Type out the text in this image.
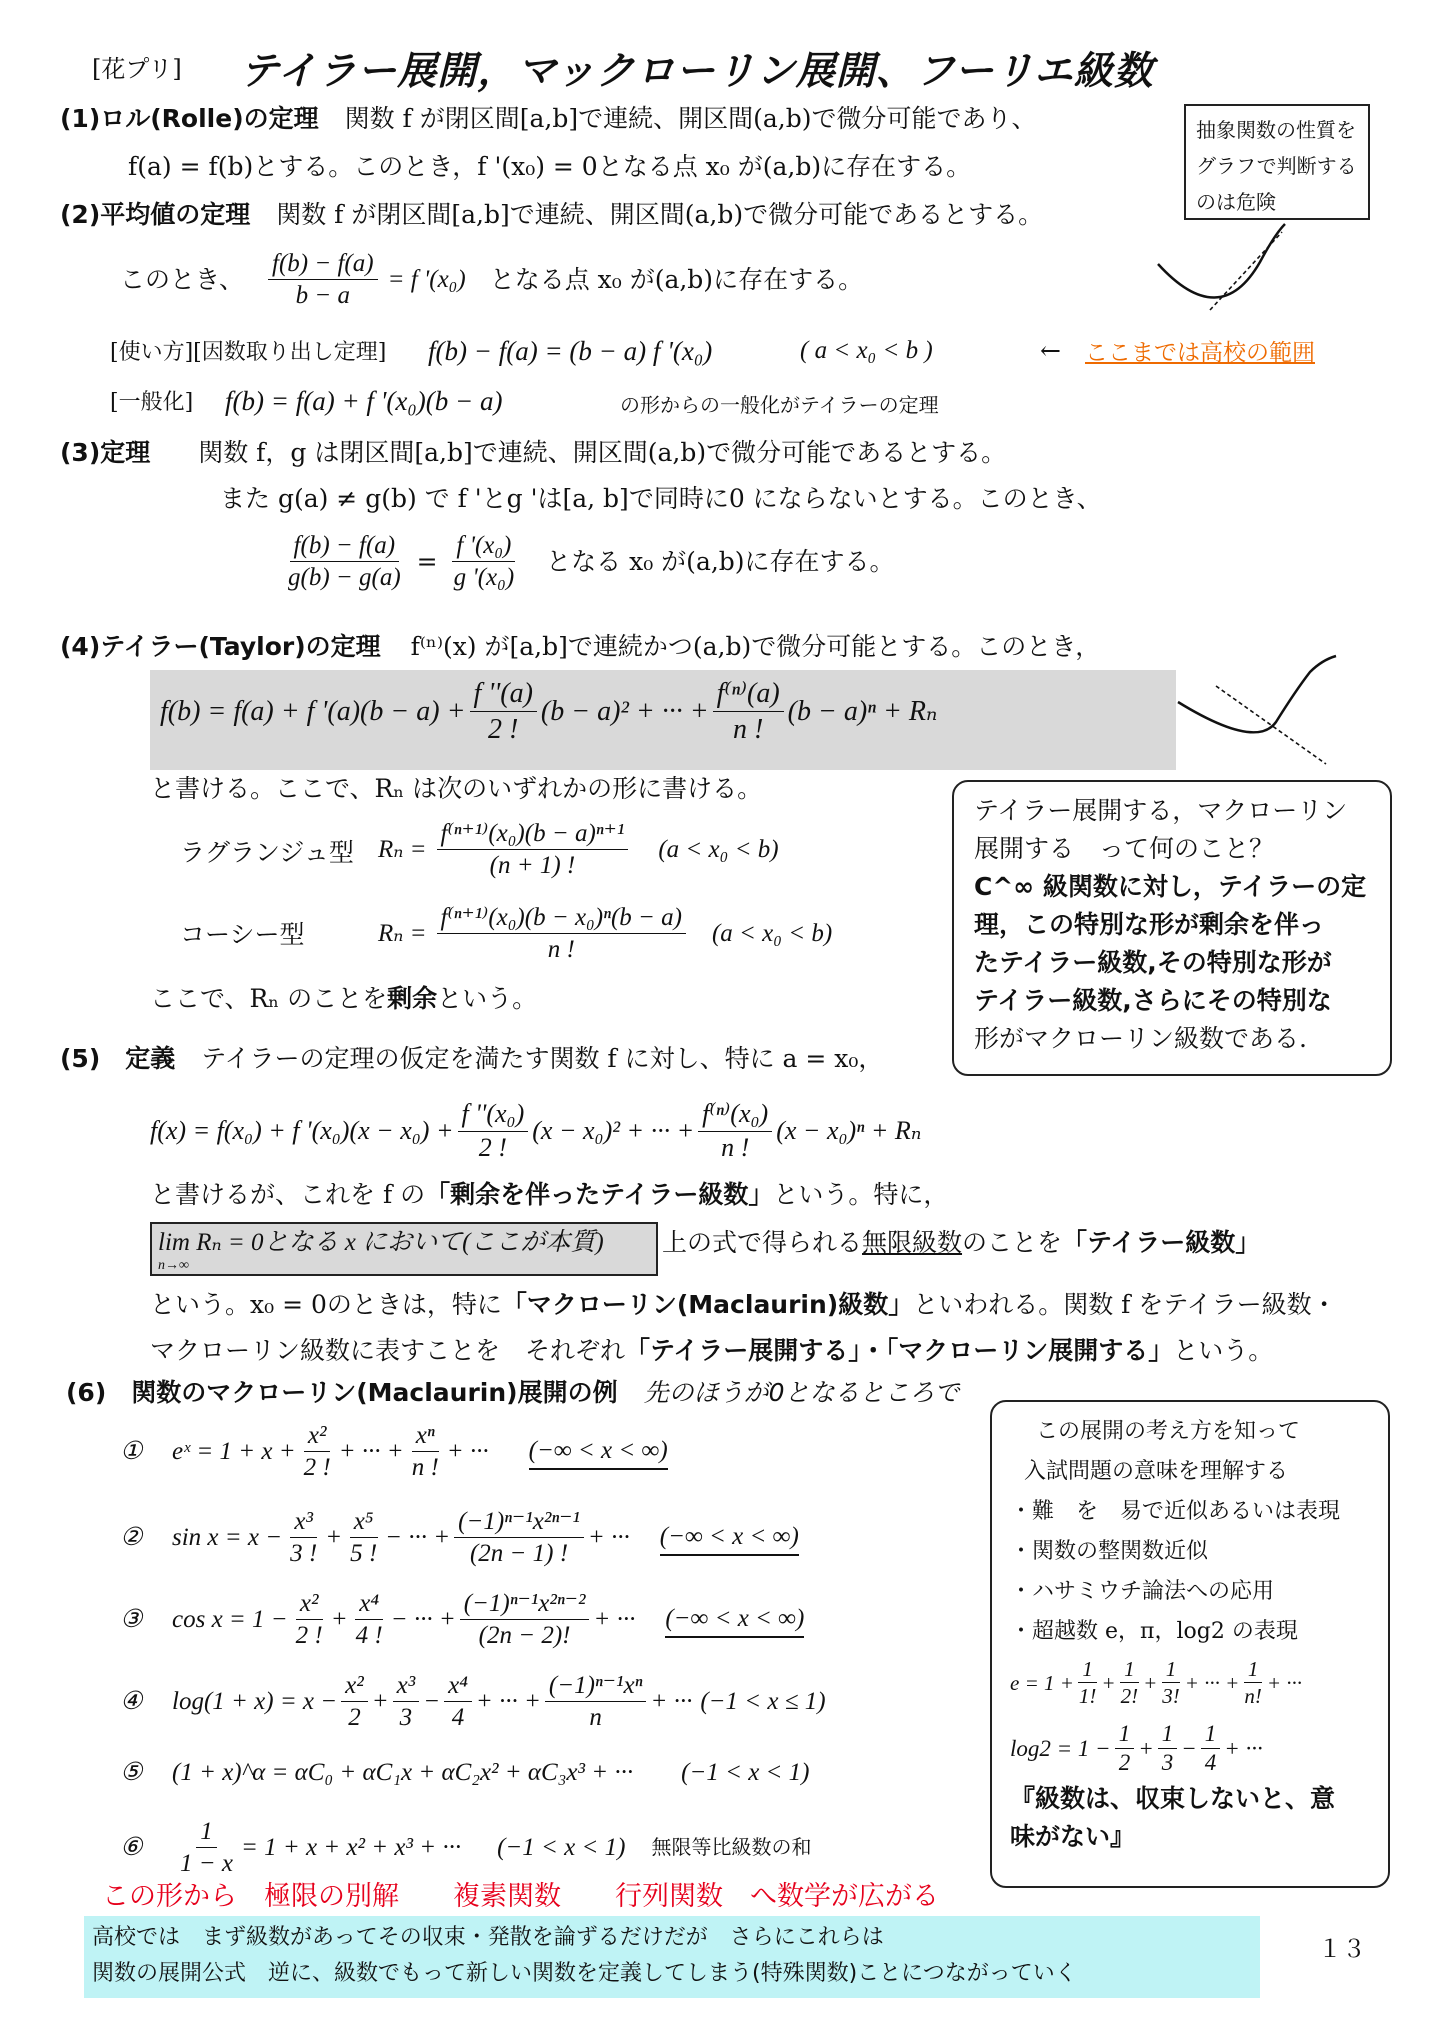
[花プリ] テイラー展開，マックローリン展開、フーリエ級数
(1)ロル(Rolle)の定理 関数 f が閉区間[a,b]で連続、開区間(a,b)で微分可能であり、
f(a) = f(b)とする。このとき，f '(x₀) = 0となる点 x₀ が(a,b)に存在する。
抽象関数の性質をグラフで判断するのは危険
(2)平均値の定理 関数 f が閉区間[a,b]で連続、開区間(a,b)で微分可能であるとする。
このとき、 $\frac{f(b) - f(a)}{b - a} = f$ '(x₀) となる点 x₀ が(a,b)に存在する。
[使い方][因数取り出し定理] f(b) − f(a) = (b − a) f '(x₀)	( a < x₀ < b )	← ここまでは高校の範囲
[一般化] f(b) = f(a) + f '(x₀)(b − a)	の形からの一般化がテイラーの定理
(3)定理 関数 f，g は閉区間[a,b]で連続、開区間(a,b)で微分可能であるとする。
また g(a) ≠ g(b) で f 'とg 'は[a, b]で同時に0 にならないとする。このとき、
$\frac{f(b) - f(a)}{g(b) - g(a)} = \frac{\text{f '(x₀)}}{\text{g '(x₀)}}$ となる x₀ が(a,b)に存在する。
(4)テイラー(Taylor)の定理 f⁽ⁿ⁾(x) が[a,b]で連続かつ(a,b)で微分可能とする。このとき，
f(b) = f(a) + f '$(a)(b - a) + \frac{f ''(a)}{2 !} (b - a)^2$ + ··· + $\frac{\text{f⁽ⁿ⁾(a)}}{n !} (b - a)^n + R_n$
と書ける。ここで、Rₙ は次のいずれかの形に書ける。
ラグランジュ型 $R_n = \frac{\text{f⁽ⁿ⁺¹⁾(x₀)(b − a)ⁿ⁺¹}}{(n + 1) !} (a < x_0 < b)$
コーシー型	$R_n = \frac{\text{f⁽ⁿ⁺¹⁾(x₀)(b − x₀)ⁿ(b − a)}}{n !} (a < x_0 < b)$
ここで、Rₙ のことを剰余という。
テイラー展開する，マクローリン
展開する　って何のこと？
C^∞ 級関数に対し，テイラーの定
理，この特別な形が剰余を伴っ
たテイラー級数,その特別な形が
テイラー級数,さらにその特別な
形がマクローリン級数である.
(5)　定義 テイラーの定理の仮定を満たす関数 f に対し、特に a = x₀，
f(x) = f(x₀) + f '$(x_0)(x - x_0) + \frac{\text{f ''(x₀)}}{2 !} (x - x_0)^2$ + ··· + $\frac{\text{f⁽ⁿ⁾(x₀)}}{n !} (x - x_0)^n + R_n$
と書けるが、これを f の「剰余を伴ったテイラー級数」という。特に，
lim Rₙ = 0となる x において(ここが本質)
n→∞
上の式で得られる無限級数のことを「テイラー級数」
という。x₀ = 0のときは，特に「マクローリン(Maclaurin)級数」といわれる。関数 f をテイラー級数・
マクローリン級数に表すことを　それぞれ「テイラー展開する」・「マクローリン展開する」という。
(6)　関数のマクローリン(Maclaurin)展開の例 先のほうが0となるところで
①	eˣ = $1 + x + \frac{\text{x²}}{2 !}$ + ··· + $\frac{\text{xⁿ}}{n !}$ + ··· (−∞ < x < ∞)
②	$\sin x = x - \frac{\text{x³}}{3 !} + \frac{\text{x⁵}}{5 !}$ − ··· + $\frac{\text{(−1)ⁿ⁻¹x²ⁿ⁻¹}}{(2n - 1) !}$ + ··· (−∞ < x < ∞)
③	$\cos x = 1 - \frac{\text{x²}}{2 !} + \frac{\text{x⁴}}{4 !}$ − ··· + $\frac{\text{(−1)ⁿ⁻¹x²ⁿ⁻²}}{(2n - 2)!}$ + ··· (−∞ < x < ∞)
④	$\log(1 + x) = x - \frac{\text{x²}}{2} + \frac{\text{x³}}{3} - \frac{\text{x⁴}}{4}$ + ··· + $\frac{\text{(−1)ⁿ⁻¹xⁿ}}{n}$ + ··· (−1 < x ≤ 1)
⑤	(1 + x)^α = αC₀ + αC₁x + αC₂x² + αC₃x³ + ··· (−1 < x < 1)
⑥	$\frac{1}{1 - x} = 1 + x + x^2 + x^3$ + ··· (−1 < x < 1) 無限等比級数の和
この展開の考え方を知って
入試問題の意味を理解する
・難　を　易で近似あるいは表現
・関数の整関数近似
・ハサミウチ論法への応用
・超越数 e，π，log2 の表現
$e = 1 + \frac{1}{1!} + \frac{1}{2!} + \frac{1}{3!}$ + ··· + $\frac{1}{n!}$ + ···
$\log 2 = 1 - \frac{1}{2} + \frac{1}{3} - \frac{1}{4}$ + ···
『級数は、収束しないと、意
味がない』
この形から　極限の別解　　複素関数　　行列関数　へ数学が広がる
高校では　まず級数があってその収束・発散を論ずるだけだが　さらにこれらは
関数の展開公式　逆に、級数でもって新しい関数を定義してしまう(特殊関数)ことにつながっていく
１３
